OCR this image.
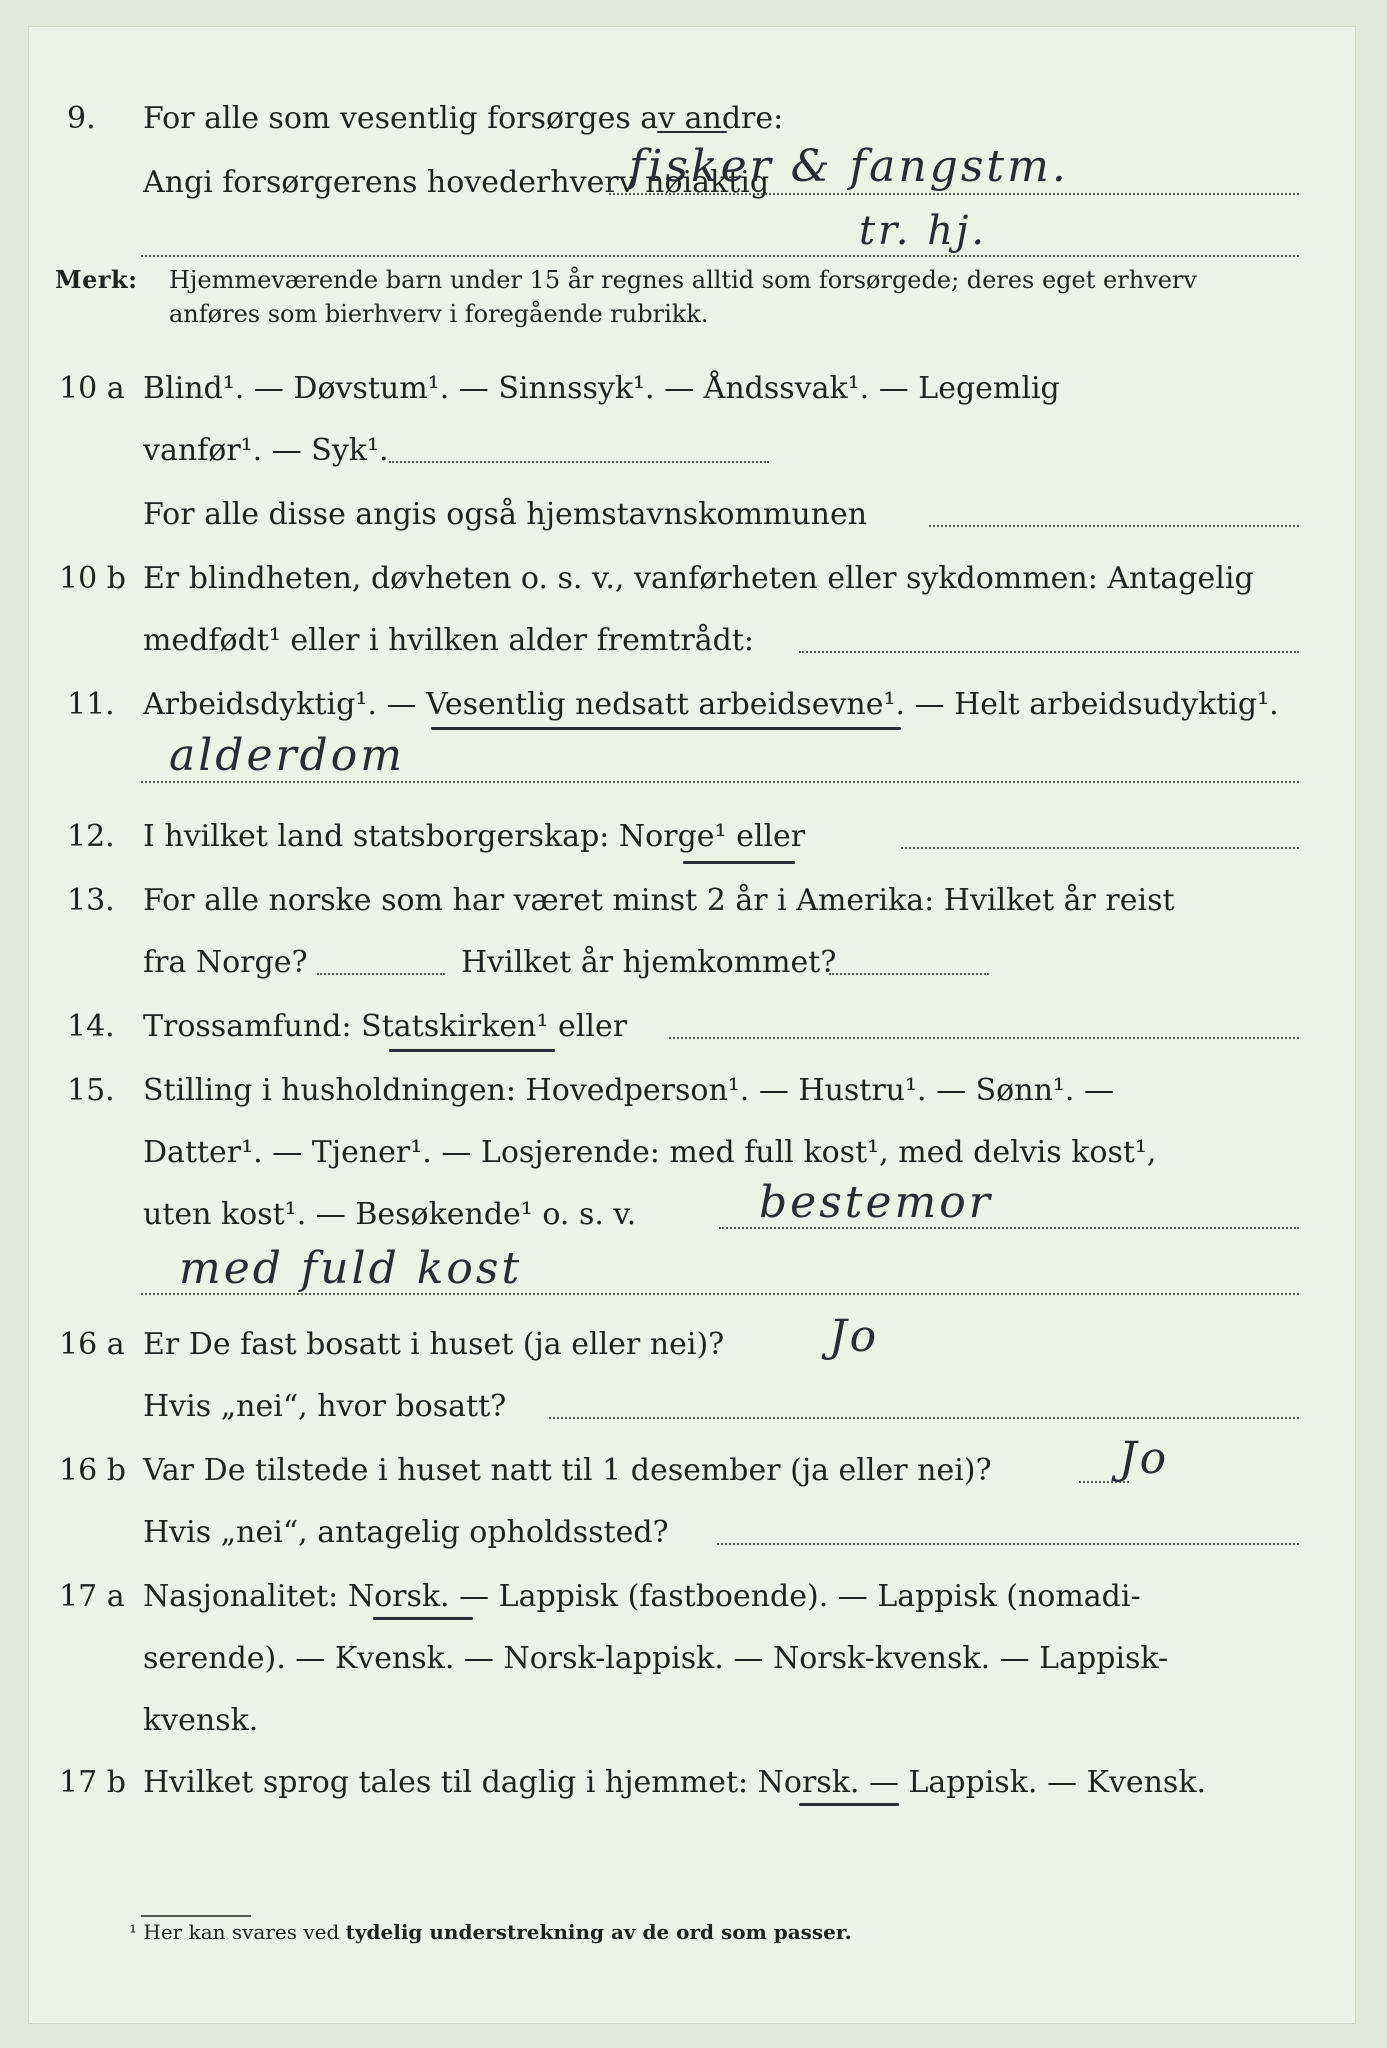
9. For alle som vesentlig forsørges av andre:
Angi forsørgerens hovederhverv nøiaktig
fisker & fangstm.
tr. hj.
Merk: Hjemmeværende barn under 15 år regnes alltid som forsørgede; deres eget erhverv
anføres som bierhverv i foregående rubrikk.
10 a Blind¹. — Døvstum¹. — Sinnssyk¹. — Åndssvak¹. — Legemlig
vanfør¹. — Syk¹.
For alle disse angis også hjemstavnskommunen
10 b Er blindheten, døvheten o. s. v., vanførheten eller sykdommen: Antagelig
medfødt¹ eller i hvilken alder fremtrådt:
11. Arbeidsdyktig¹. — Vesentlig nedsatt arbeidsevne¹. — Helt arbeidsudyktig¹.
alderdom
12. I hvilket land statsborgerskap: Norge¹ eller
13. For alle norske som har været minst 2 år i Amerika: Hvilket år reist
fra Norge?	Hvilket år hjemkommet?
14. Trossamfund: Statskirken¹ eller
15. Stilling i husholdningen: Hovedperson¹. — Hustru¹. — Sønn¹. —
Datter¹. — Tjener¹. — Losjerende: med full kost¹, med delvis kost¹,
uten kost¹. — Besøkende¹ o. s. v.	bestemor
med fuld kost
16 a Er De fast bosatt i huset (ja eller nei)? Jo
Hvis „nei“, hvor bosatt?
16 b Var De tilstede i huset natt til 1 desember (ja eller nei)?	Jo
Hvis „nei“, antagelig opholdssted?
17 a Nasjonalitet: Norsk. — Lappisk (fastboende). — Lappisk (nomadi-
serende). — Kvensk. — Norsk-lappisk. — Norsk-kvensk. — Lappisk-
kvensk.
17 b Hvilket sprog tales til daglig i hjemmet: Norsk. — Lappisk. — Kvensk.
¹ Her kan svares ved tydelig understrekning av de ord som passer.
